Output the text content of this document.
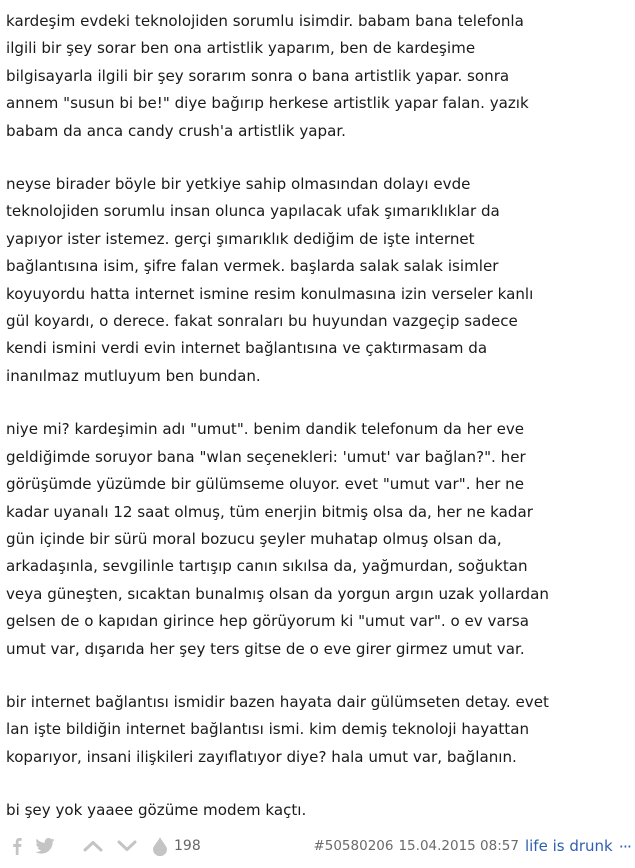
kardeşim evdeki teknolojiden sorumlu isimdir. babam bana telefonla
ilgili bir şey sorar ben ona artistlik yaparım, ben de kardeşime
bilgisayarla ilgili bir şey sorarım sonra o bana artistlik yapar. sonra
annem "susun bi be!" diye bağırıp herkese artistlik yapar falan. yazık
babam da anca candy crush'a artistlik yapar.

neyse birader böyle bir yetkiye sahip olmasından dolayı evde
teknolojiden sorumlu insan olunca yapılacak ufak şımarıklıklar da
yapıyor ister istemez. gerçi şımarıklık dediğim de işte internet
bağlantısına isim, şifre falan vermek. başlarda salak salak isimler
koyuyordu hatta internet ismine resim konulmasına izin verseler kanlı
gül koyardı, o derece. fakat sonraları bu huyundan vazgeçip sadece
kendi ismini verdi evin internet bağlantısına ve çaktırmasam da
inanılmaz mutluyum ben bundan.

niye mi? kardeşimin adı "umut". benim dandik telefonum da her eve
geldiğimde soruyor bana "wlan seçenekleri: 'umut' var bağlan?". her
görüşümde yüzümde bir gülümseme oluyor. evet "umut var". her ne
kadar uyanalı 12 saat olmuş, tüm enerjin bitmiş olsa da, her ne kadar
gün içinde bir sürü moral bozucu şeyler muhatap olmuş olsan da,
arkadaşınla, sevgilinle tartışıp canın sıkılsa da, yağmurdan, soğuktan
veya güneşten, sıcaktan bunalmış olsan da yorgun argın uzak yollardan
gelsen de o kapıdan girince hep görüyorum ki "umut var". o ev varsa
umut var, dışarıda her şey ters gitse de o eve girer girmez umut var.

bir internet bağlantısı ismidir bazen hayata dair gülümseten detay. evet
lan işte bildiğin internet bağlantısı ismi. kim demiş teknoloji hayattan
koparıyor, insani ilişkileri zayıflatıyor diye? hala umut var, bağlanın.

bi şey yok yaaee gözüme modem kaçtı.

198	#50580206 15.04.2015 08:57 life is drunk ···
